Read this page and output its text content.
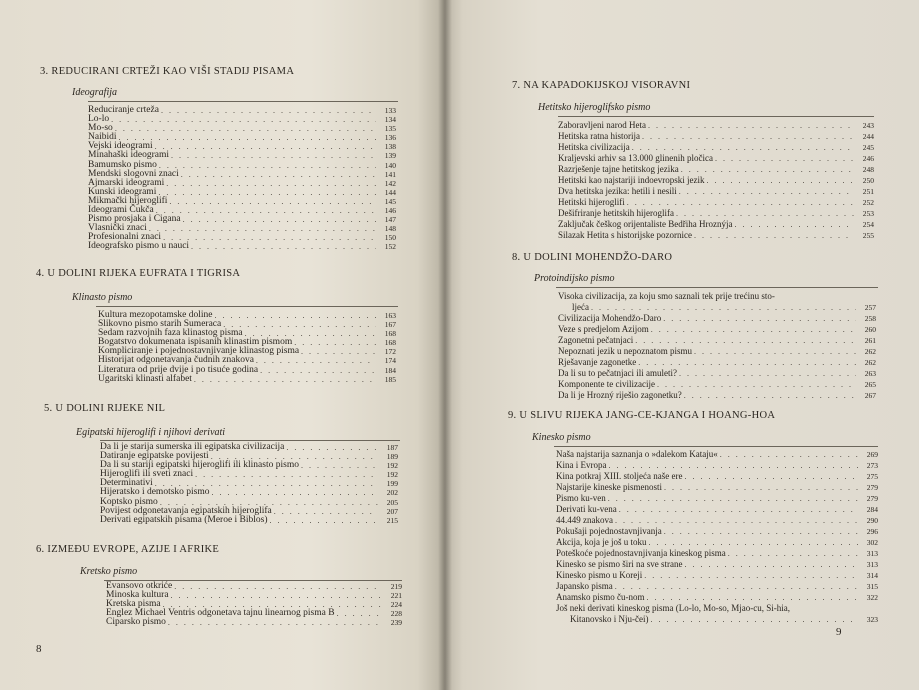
3. REDUCIRANI CRTEŽI KAO VIŠI STADIJ PISAMA
Ideografija
Reduciranje crteža . . .	133
Lo-lo . . .	134
Mo-so . . .	135
Naibidi . . .	136
Vejski ideogrami . . .	138
Minahaški ideogrami . . .	139
Bamumsko pismo . . .	140
Mendski slogovni znaci . . .	141
Ajmarski ideogrami . . .	142
Kunski ideogrami . . .	144
Mikmački hijeroglifi . . .	145
Ideogrami Čukča . . .	146
Pismo prosjaka i Cigana . . .	147
Vlasnički znaci . . .	148
Profesionalni znaci . . .	150
Ideografsko pismo u nauci . . .	152
4. U DOLINI RIJEKA EUFRATA I TIGRISA
Klinasto pismo
Kultura mezopotamske doline . . .	163
Slikovno pismo starih Sumeraca . . .	167
Sedam razvojnih faza klinastog pisma . . .	168
Bogatstvo dokumenata ispisanih klinastim pismom . . .	168
Kompliciranje i pojednostavnjivanje klinastog pisma . . .	172
Historijat odgonetavanja čudnih znakova . . .	174
Literatura od prije dvije i po tisuće godina . . .	184
Ugaritski klinasti alfabet . . .	185
5. U DOLINI RIJEKE NIL
Egipatski hijeroglifi i njihovi derivati
Da li je starija sumerska ili egipatska civilizacija . . .	187
Datiranje egipatske povijesti . . .	189
Da li su stariji egipatski hijeroglifi ili klinasto pismo . . .	192
Hijeroglifi ili sveti znaci . . .	192
Determinativi . . .	199
Hijeratsko i demotsko pismo . . .	202
Koptsko pismo . . .	205
Povijest odgonetavanja egipatskih hijeroglifa . . .	207
Derivati egipatskih pisama (Meroe i Biblos) . . .	215
6. IZMEĐU EVROPE, AZIJE I AFRIKE
Kretsko pismo
Evansovo otkriće . . .	219
Minoska kultura . . .	221
Kretska pisma . . .	224
Englez Michael Ventris odgonetava tajnu linearnog pisma B . . .	228
Ciparsko pismo . . .	239
8
7. NA KAPADOKIJSKOJ VISORAVNI
Hetitsko hijeroglifsko pismo
Zaboravljeni narod Heta . . .	243
Hetitska ratna historija . . .	244
Hetitska civilizacija . . .	245
Kraljevski arhiv sa 13.000 glinenih pločica . . .	246
Razrješenje tajne hetitskog jezika . . .	248
Hetitski kao najstariji indoevropski jezik . . .	250
Dva hetitska jezika: hetili i nesili . . .	251
Hetitski hijeroglifi . . .	252
Dešifriranje hetitskih hijeroglifa . . .	253
Zaključak češkog orijentaliste Bedřiha Hroznýja . . .	254
Silazak Hetita s historijske pozornice . . .	255
8. U DOLINI MOHENDŽO-DARO
Protoindijsko pismo
Visoka civilizacija, za koju smo saznali tek prije trećinu sto-
ljeća . . .	257
Civilizacija Mohendžo-Daro . . .	258
Veze s predjelom Azijom . . .	260
Zagonetni pečatnjaci . . .	261
Nepoznati jezik u nepoznatom pismu . . .	262
Rješavanje zagonetke . . .	262
Da li su to pečatnjaci ili amuleti? . . .	263
Komponente te civilizacije . . .	265
Da li je Hrozný riješio zagonetku? . . .	267
9. U SLIVU RIJEKA JANG-CE-KJANGA I HOANG-HOA
Kinesko pismo
Naša najstarija saznanja o »dalekom Kataju« . . .	269
Kina i Evropa . . .	273
Kina potkraj XIII. stoljeća naše ere . . .	275
Najstarije kineske pismenosti . . .	279
Pismo ku-ven . . .	279
Derivati ku-vena . . .	284
44.449 znakova . . .	290
Pokušaji pojednostavnjivanja . . .	296
Akcija, koja je još u toku . . .	302
Poteškoće pojednostavnjivanja kineskog pisma . . .	313
Kinesko se pismo širi na sve strane . . .	313
Kinesko pismo u Koreji . . .	314
Japansko pisma . . .	315
Anamsko pismo ču-nom . . .	322
Još neki derivati kineskog pisma (Lo-lo, Mo-so, Mjao-cu, Si-hia,
Kitanovsko i Nju-čei) . . .	323
9
